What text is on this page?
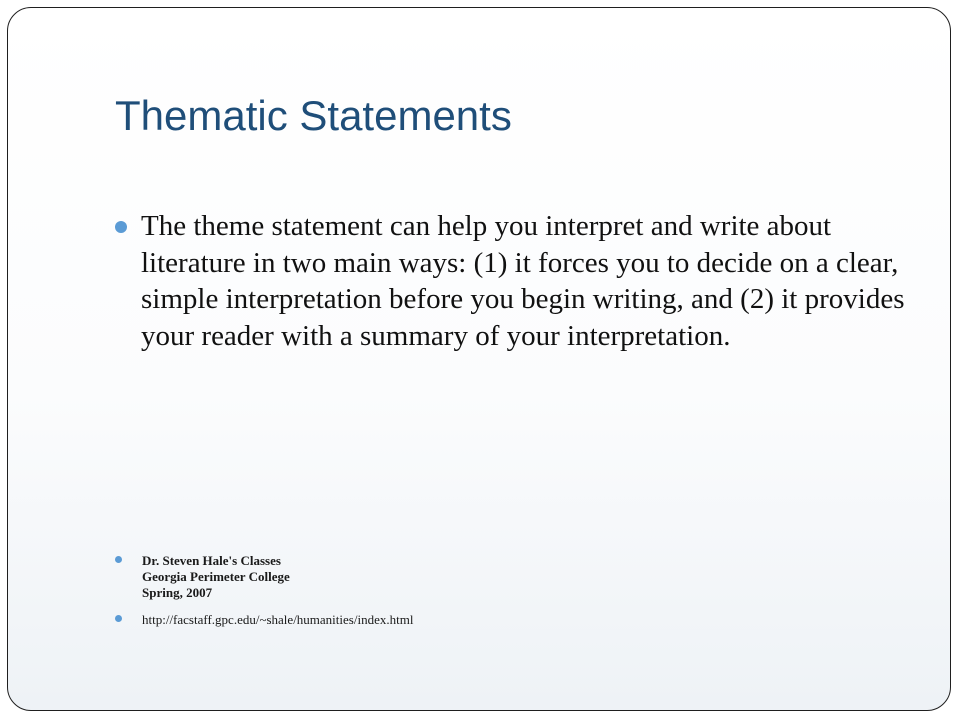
Thematic Statements
The theme statement can help you interpret and write about literature in two main ways: (1) it forces you to decide on a clear, simple interpretation before you begin writing, and (2) it provides your reader with a summary of your interpretation.
Dr. Steven Hale's Classes
Georgia Perimeter College
Spring, 2007
http://facstaff.gpc.edu/~shale/humanities/index.html
